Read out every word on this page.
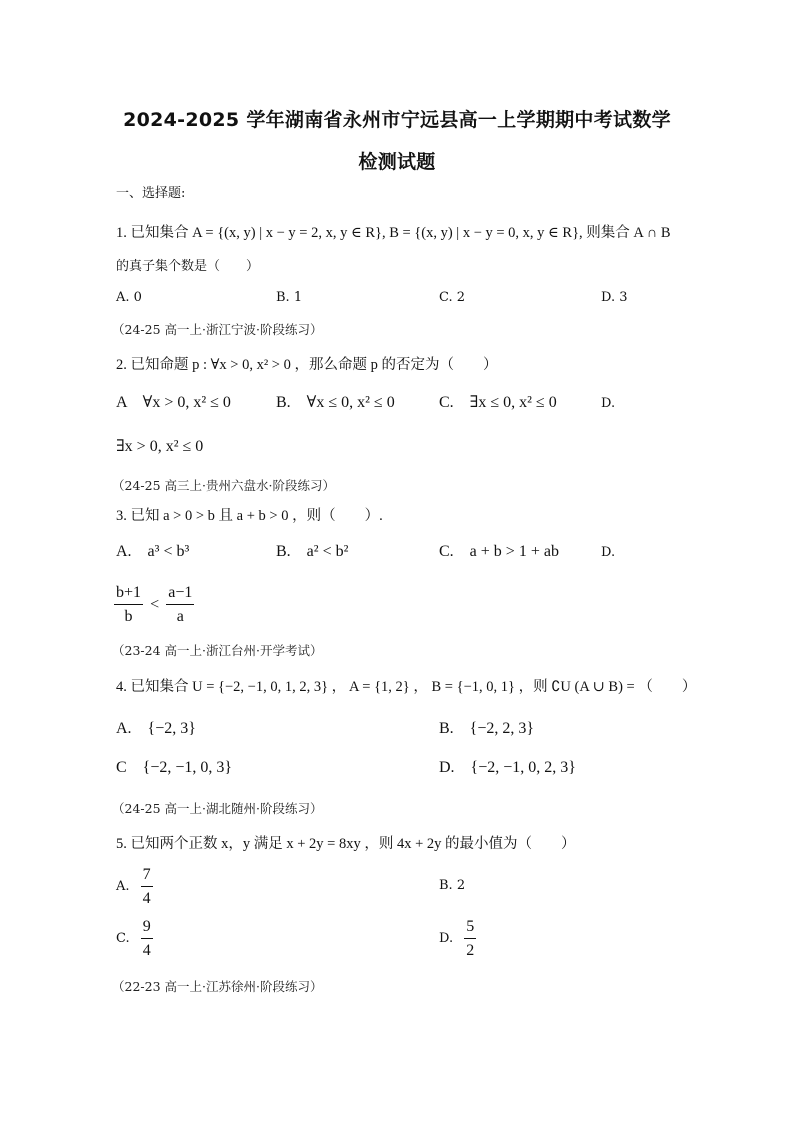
2024-2025 学年湖南省永州市宁远县高一上学期期中考试数学
检测试题
一、选择题:
1. 已知集合 A = {(x, y) | x − y = 2, x, y ∈ R}, B = {(x, y) | x − y = 0, x, y ∈ R}, 则集合 A ∩ B
的真子集个数是（　　）
A. 0	B. 1	C. 2	D. 3
（24-25 高一上·浙江宁波·阶段练习）
2. 已知命题 p : ∀x > 0, x² > 0 ，那么命题 p 的否定为（　　）
A　∀x > 0, x² ≤ 0	B.　∀x ≤ 0, x² ≤ 0	C.　∃x ≤ 0, x² ≤ 0	D.
∃x > 0, x² ≤ 0
（24-25 高三上·贵州六盘水·阶段练习）
3. 已知 a > 0 > b 且 a + b > 0 ，则（　　）.
A.　a³ < b³	B.　a² < b²	C.　a + b > 1 + ab	D.
$\frac{b+1}{b} < \frac{a-1}{a}$
（23-24 高一上·浙江台州·开学考试）
4. 已知集合 U = {−2, −1, 0, 1, 2, 3} ， A = {1, 2} ， B = {−1, 0, 1} ，则 ∁U (A ∪ B) = （　　）
A.　{−2, 3}	B.　{−2, 2, 3}
C　{−2, −1, 0, 3}	D.　{−2, −1, 0, 2, 3}
（24-25 高一上·湖北随州·阶段练习）
5. 已知两个正数 x，y 满足 x + 2y = 8xy ，则 4x + 2y 的最小值为（　　）
A. $\frac{7}{4}$	B. 2
C. $\frac{9}{4}$	D. $\frac{5}{2}$
（22-23 高一上·江苏徐州·阶段练习）
